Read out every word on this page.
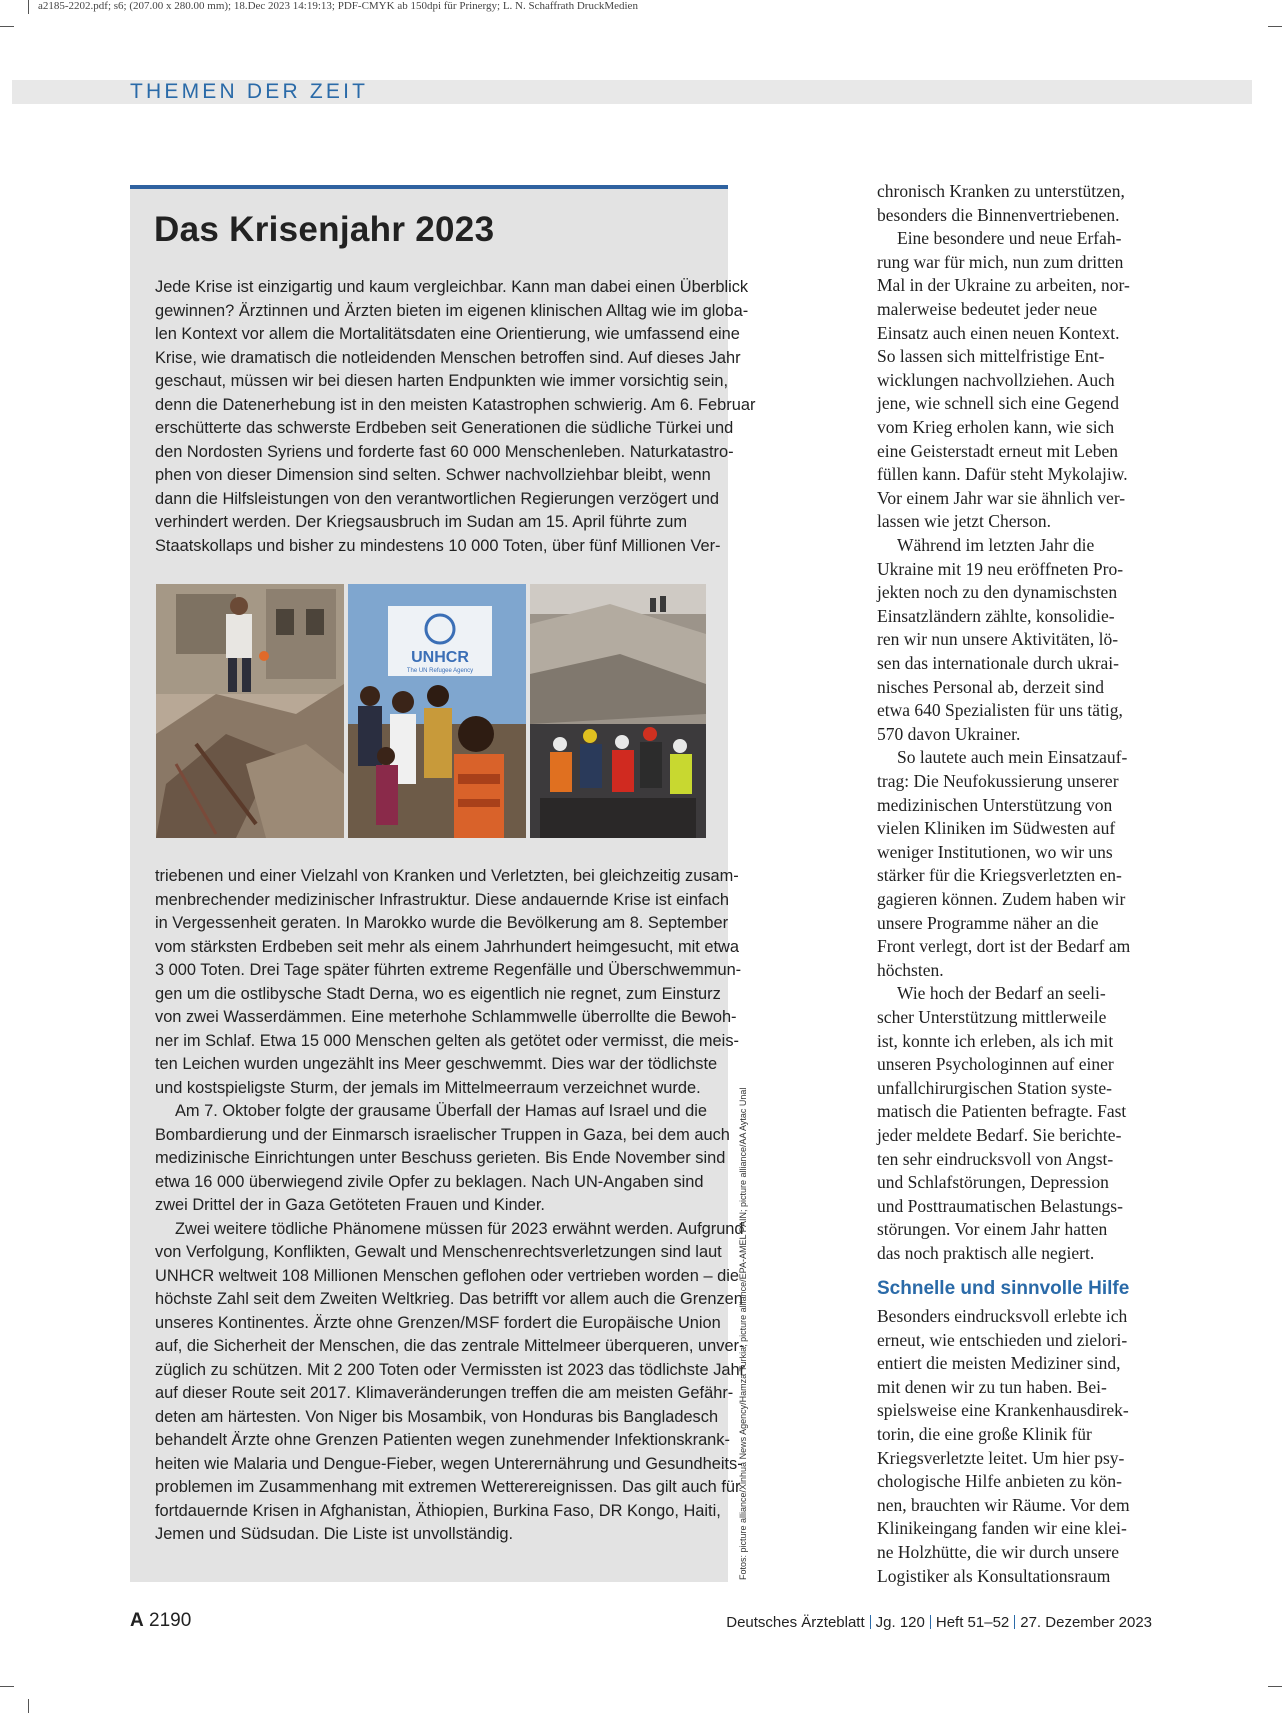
a2185-2202.pdf; s6; (207.00 x 280.00 mm); 18.Dec 2023 14:19:13; PDF-CMYK ab 150dpi für Prinergy; L. N. Schaffrath DruckMedien
THEMEN DER ZEIT
Das Krisenjahr 2023

Jede Krise ist einzigartig und kaum vergleichbar. Kann man dabei einen Überblick
gewinnen? Ärztinnen und Ärzten bieten im eigenen klinischen Alltag wie im globa-
len Kontext vor allem die Mortalitätsdaten eine Orientierung, wie umfassend eine
Krise, wie dramatisch die notleidenden Menschen betroffen sind. Auf dieses Jahr
geschaut, müssen wir bei diesen harten Endpunkten wie immer vorsichtig sein,
denn die Datenerhebung ist in den meisten Katastrophen schwierig. Am 6. Februar
erschütterte das schwerste Erdbeben seit Generationen die südliche Türkei und
den Nordosten Syriens und forderte fast 60 000 Menschenleben. Naturkatastro-
phen von dieser Dimension sind selten. Schwer nachvollziehbar bleibt, wenn
dann die Hilfsleistungen von den verantwortlichen Regierungen verzögert und
verhindert werden. Der Kriegsausbruch im Sudan am 15. April führte zum
Staatskollaps und bisher zu mindestens 10 000 Toten, über fünf Millionen Ver-

UNHCR
The UN Refugee Agency

triebenen und einer Vielzahl von Kranken und Verletzten, bei gleichzeitig zusam-
menbrechender medizinischer Infrastruktur. Diese andauernde Krise ist einfach
in Vergessenheit geraten. In Marokko wurde die Bevölkerung am 8. September
vom stärksten Erdbeben seit mehr als einem Jahrhundert heimgesucht, mit etwa
3 000 Toten. Drei Tage später führten extreme Regenfälle und Überschwemmun-
gen um die ostlibysche Stadt Derna, wo es eigentlich nie regnet, zum Einsturz
von zwei Wasserdämmen. Eine meterhohe Schlammwelle überrollte die Bewoh-
ner im Schlaf. Etwa 15 000 Menschen gelten als getötet oder vermisst, die meis-
ten Leichen wurden ungezählt ins Meer geschwemmt. Dies war der tödlichste
und kostspieligste Sturm, der jemals im Mittelmeerraum verzeichnet wurde.

Am 7. Oktober folgte der grausame Überfall der Hamas auf Israel und die
Bombardierung und der Einmarsch israelischer Truppen in Gaza, bei dem auch
medizinische Einrichtungen unter Beschuss gerieten. Bis Ende November sind
etwa 16 000 überwiegend zivile Opfer zu beklagen. Nach UN-Angaben sind
zwei Drittel der in Gaza Getöteten Frauen und Kinder.

Zwei weitere tödliche Phänomene müssen für 2023 erwähnt werden. Aufgrund
von Verfolgung, Konflikten, Gewalt und Menschenrechtsverletzungen sind laut
UNHCR weltweit 108 Millionen Menschen geflohen oder vertrieben worden – die
höchste Zahl seit dem Zweiten Weltkrieg. Das betrifft vor allem auch die Grenzen
unseres Kontinentes. Ärzte ohne Grenzen/MSF fordert die Europäische Union
auf, die Sicherheit der Menschen, die das zentrale Mittelmeer überqueren, unver-
züglich zu schützen. Mit 2 200 Toten oder Vermissten ist 2023 das tödlichste Jahr
auf dieser Route seit 2017. Klimaveränderungen treffen die am meisten Gefähr-
deten am härtesten. Von Niger bis Mosambik, von Honduras bis Bangladesch
behandelt Ärzte ohne Grenzen Patienten wegen zunehmender Infektionskrank-
heiten wie Malaria und Dengue-Fieber, wegen Unterernährung und Gesundheits-
problemen im Zusammenhang mit extremen Wetterereignissen. Das gilt auch für
fortdauernde Krisen in Afghanistan, Äthiopien, Burkina Faso, DR Kongo, Haiti,
Jemen und Südsudan. Die Liste ist unvollständig.	Fotos: picture alliance/Xinhua News Agency/Hamza Turkia; picture alliance/EPA-AMEL PAIN; picture alliance/AA Aytac Unal

chronisch Kranken zu unterstützen,
besonders die Binnenvertriebenen.

Eine besondere und neue Erfah-
rung war für mich, nun zum dritten
Mal in der Ukraine zu arbeiten, nor-
malerweise bedeutet jeder neue
Einsatz auch einen neuen Kontext.
So lassen sich mittelfristige Ent-
wicklungen nachvollziehen. Auch
jene, wie schnell sich eine Gegend
vom Krieg erholen kann, wie sich
eine Geisterstadt erneut mit Leben
füllen kann. Dafür steht Mykolajiw.
Vor einem Jahr war sie ähnlich ver-
lassen wie jetzt Cherson.

Während im letzten Jahr die
Ukraine mit 19 neu eröffneten Pro-
jekten noch zu den dynamischsten
Einsatzländern zählte, konsolidie-
ren wir nun unsere Aktivitäten, lö-
sen das internationale durch ukrai-
nisches Personal ab, derzeit sind
etwa 640 Spezialisten für uns tätig,
570 davon Ukrainer.

So lautete auch mein Einsatzauf-
trag: Die Neufokussierung unserer
medizinischen Unterstützung von
vielen Kliniken im Südwesten auf
weniger Institutionen, wo wir uns
stärker für die Kriegsverletzten en-
gagieren können. Zudem haben wir
unsere Programme näher an die
Front verlegt, dort ist der Bedarf am
höchsten.

Wie hoch der Bedarf an seeli-
scher Unterstützung mittlerweile
ist, konnte ich erleben, als ich mit
unseren Psychologinnen auf einer
unfallchirurgischen Station syste-
matisch die Patienten befragte. Fast
jeder meldete Bedarf. Sie berichte-
ten sehr eindrucksvoll von Angst-
und Schlafstörungen, Depression
und Posttraumatischen Belastungs-
störungen. Vor einem Jahr hatten
das noch praktisch alle negiert.

Schnelle und sinnvolle Hilfe

Besonders eindrucksvoll erlebte ich
erneut, wie entschieden und zielori-
entiert die meisten Mediziner sind,
mit denen wir zu tun haben. Bei-
spielsweise eine Krankenhausdirek-
torin, die eine große Klinik für
Kriegsverletzte leitet. Um hier psy-
chologische Hilfe anbieten zu kön-
nen, brauchten wir Räume. Vor dem
Klinikeingang fanden wir eine klei-
ne Holzhütte, die wir durch unsere
Logistiker als Konsultationsraum

A 2190	Deutsches Ärzteblatt Jg. 120 Heft 51–52 27. Dezember 2023
